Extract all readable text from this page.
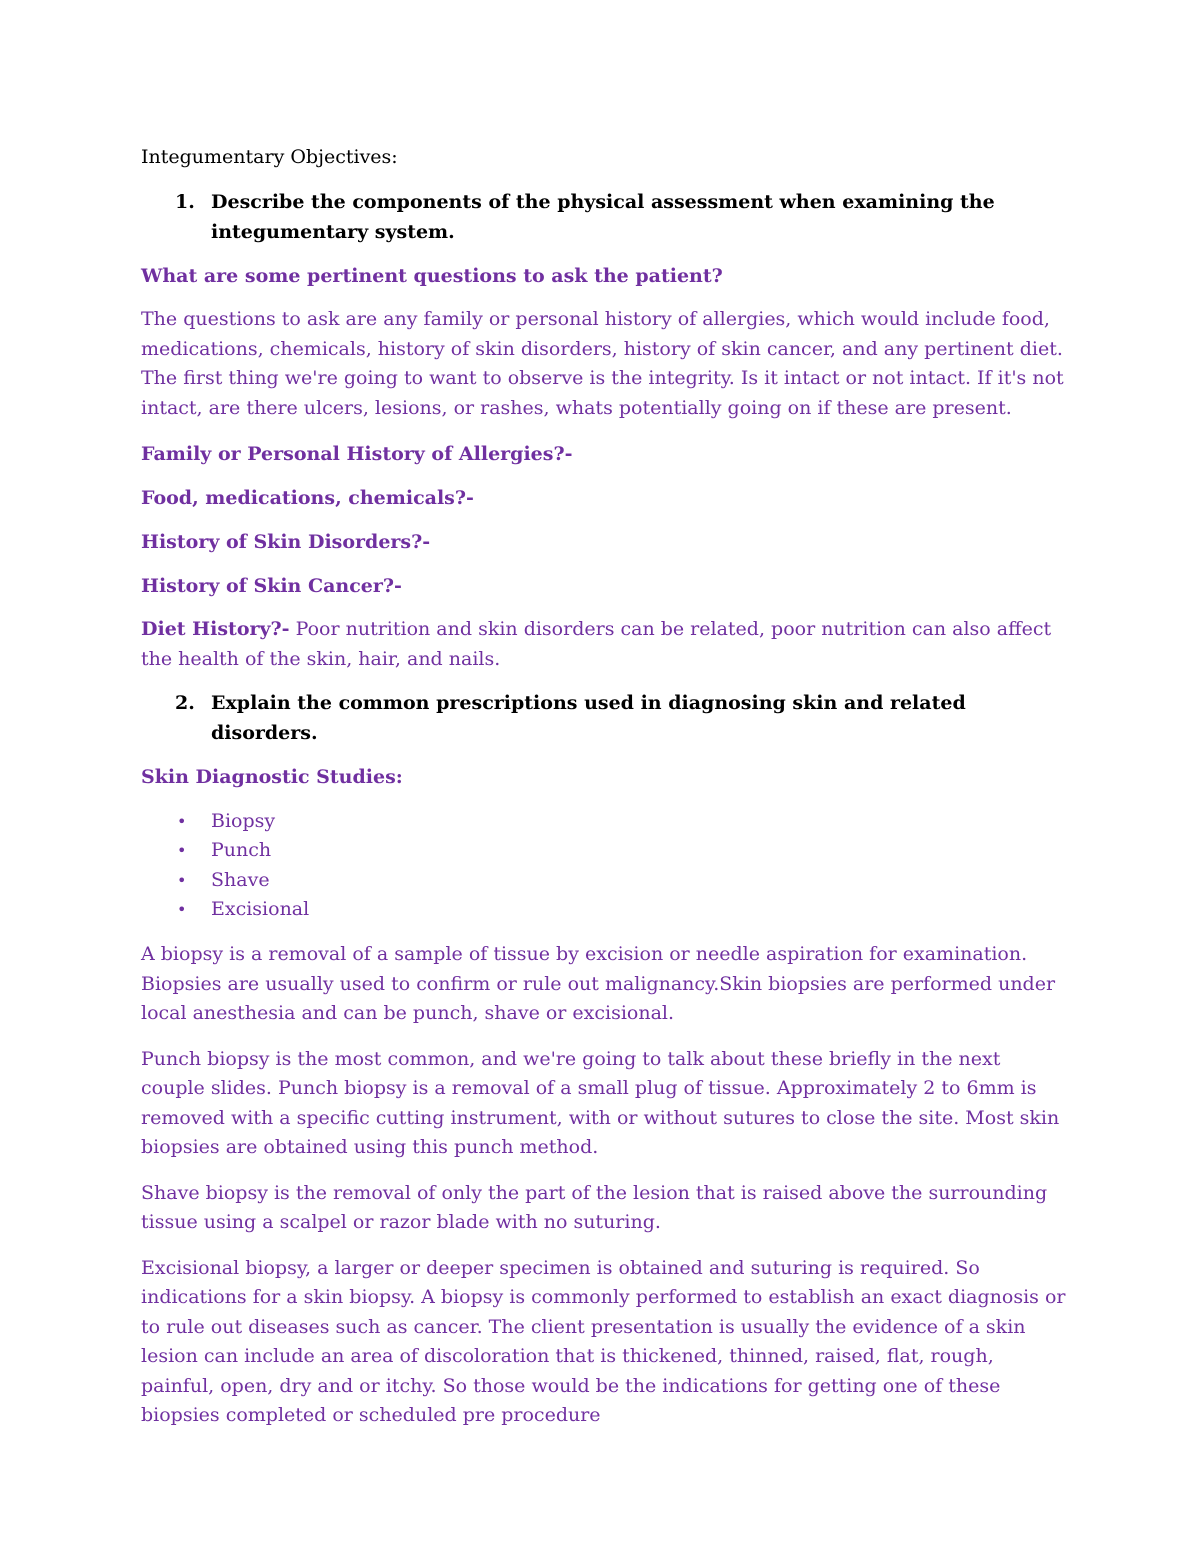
Integumentary Objectives:

1. Describe the components of the physical assessment when examining the integumentary system.

What are some pertinent questions to ask the patient?

The questions to ask are any family or personal history of allergies, which would include food, medications, chemicals, history of skin disorders, history of skin cancer, and any pertinent diet. The first thing we're going to want to observe is the integrity. Is it intact or not intact. If it's not intact, are there ulcers, lesions, or rashes, whats potentially going on if these are present.

Family or Personal History of Allergies?-

Food, medications, chemicals?-

History of Skin Disorders?-

History of Skin Cancer?-

Diet History?- Poor nutrition and skin disorders can be related, poor nutrition can also affect the health of the skin, hair, and nails.

2. Explain the common prescriptions used in diagnosing skin and related disorders.

Skin Diagnostic Studies:

•	Biopsy
•	Punch
•	Shave
•	Excisional

A biopsy is a removal of a sample of tissue by excision or needle aspiration for examination. Biopsies are usually used to confirm or rule out malignancy.Skin biopsies are performed under local anesthesia and can be punch, shave or excisional.

Punch biopsy is the most common, and we're going to talk about these briefly in the next couple slides. Punch biopsy is a removal of a small plug of tissue. Approximately 2 to 6mm is removed with a specific cutting instrument, with or without sutures to close the site. Most skin biopsies are obtained using this punch method.

Shave biopsy is the removal of only the part of the lesion that is raised above the surrounding tissue using a scalpel or razor blade with no suturing.

Excisional biopsy, a larger or deeper specimen is obtained and suturing is required. So indications for a skin biopsy. A biopsy is commonly performed to establish an exact diagnosis or to rule out diseases such as cancer. The client presentation is usually the evidence of a skin lesion can include an area of discoloration that is thickened, thinned, raised, flat, rough, painful, open, dry and or itchy. So those would be the indications for getting one of these biopsies completed or scheduled pre procedure
